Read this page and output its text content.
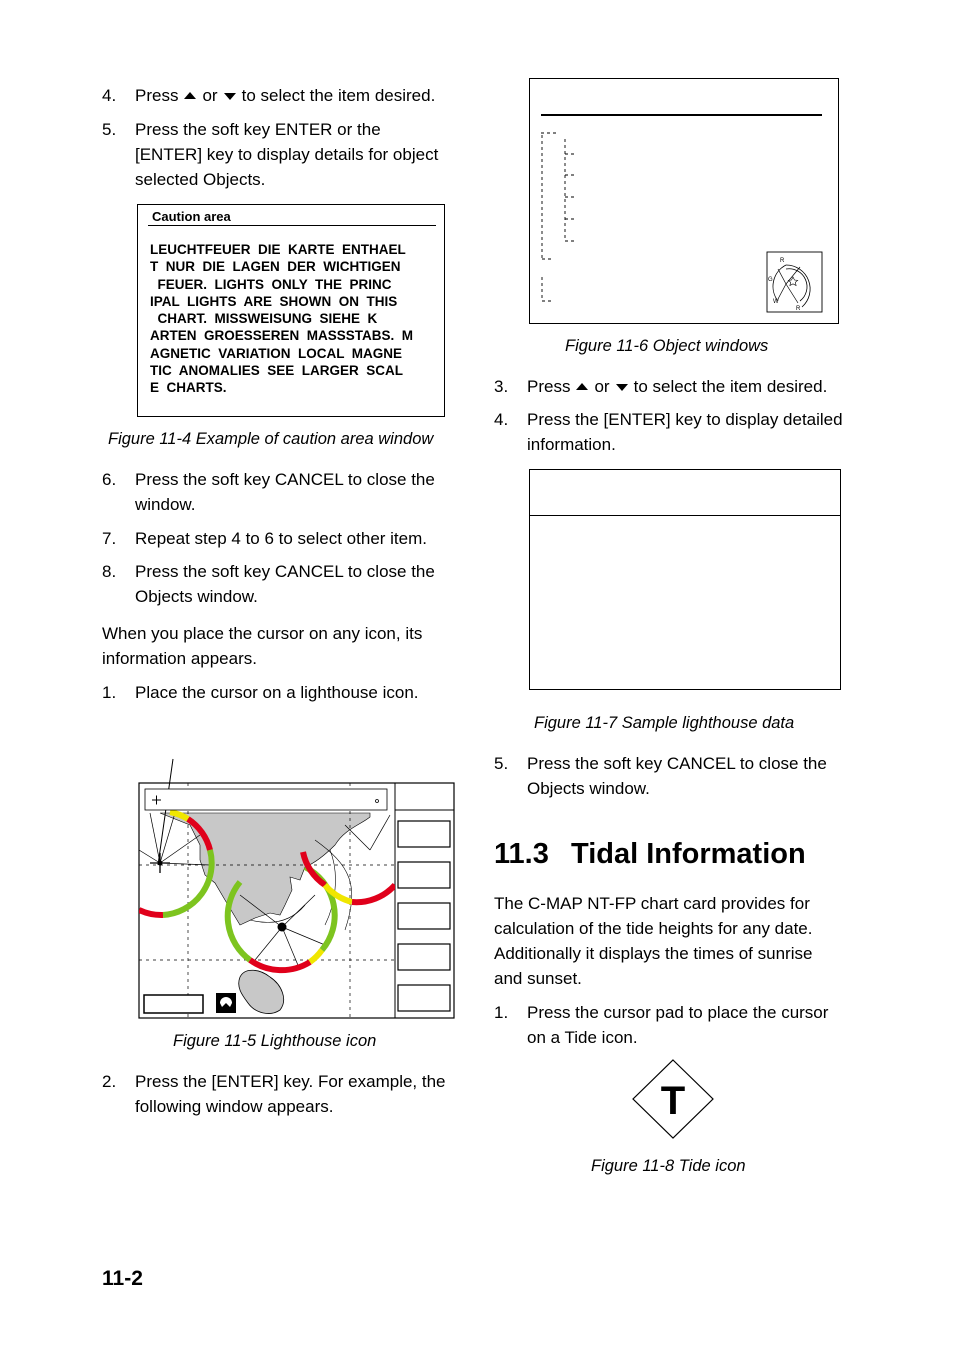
4.	Press or to select the item desired.
5.	Press the soft key ENTER or the
[ENTER] key to display details for object
selected Objects.
Caution area
LEUCHTFEUER  DIE  KARTE  ENTHAEL
T  NUR  DIE  LAGEN  DER  WICHTIGEN
FEUER.  LIGHTS  ONLY  THE  PRINC
IPAL  LIGHTS  ARE  SHOWN  ON  THIS
CHART.  MISSWEISUNG  SIEHE  K
ARTEN  GROESSEREN  MASSSTABS.  M
AGNETIC  VARIATION  LOCAL  MAGNE
TIC  ANOMALIES  SEE  LARGER  SCAL
E  CHARTS.
Figure 11-4 Example of caution area window
6.	Press the soft key CANCEL to close the
window.
7.	Repeat step 4 to 6 to select other item.
8.	Press the soft key CANCEL to close the
Objects window.
When you place the cursor on any icon, its
information appears.
1.	Place the cursor on a lighthouse icon.
Figure 11-5 Lighthouse icon
2.	Press the [ENTER] key. For example, the
following window appears.
R
G
W
R
Figure 11-6 Object windows
3.	Press or to select the item desired.
4.	Press the [ENTER] key to display detailed
information.
Figure 11-7 Sample lighthouse data
5.	Press the soft key CANCEL to close the
Objects window.
11.3 Tidal Information
The C-MAP NT-FP chart card provides for
calculation of the tide heights for any date.
Additionally it displays the times of sunrise
and sunset.
1.	Press the cursor pad to place the cursor
on a Tide icon.
T
Figure 11-8 Tide icon
11-2
